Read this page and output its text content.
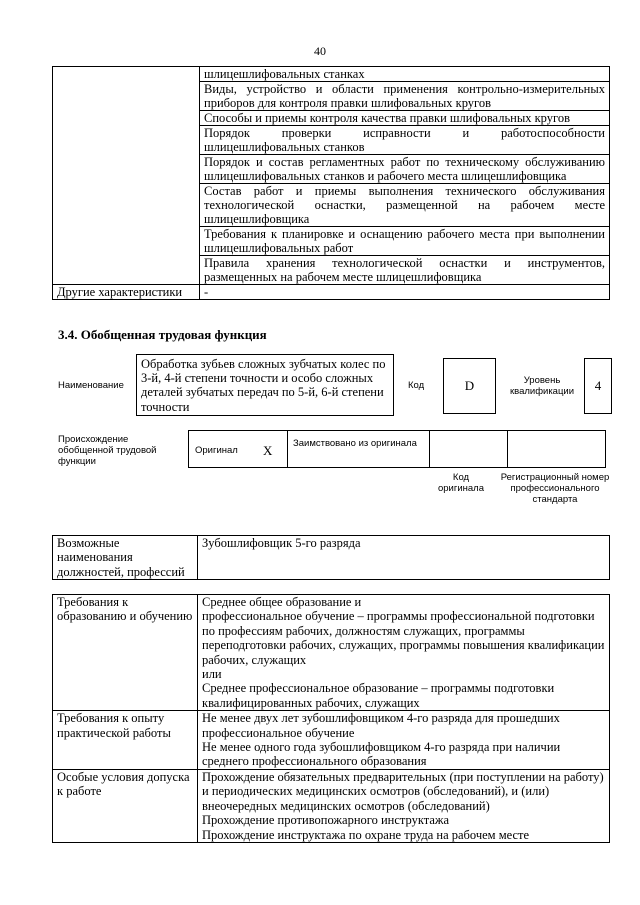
40
	шлицешлифовальных станках
	Виды, устройство и области применения контрольно-измерительных приборов для контроля правки шлифовальных кругов
	Способы и приемы контроля качества правки шлифовальных кругов
	Порядок проверки исправности и работоспособности шлицешлифовальных станков
	Порядок и состав регламентных работ по техническому обслуживанию шлицешлифовальных станков и рабочего места шлицешлифовщика
	Состав работ и приемы выполнения технического обслуживания технологической оснастки, размещенной на рабочем месте шлицешлифовщика
	Требования к планировке и оснащению рабочего места при выполнении шлицешлифовальных работ
	Правила хранения технологической оснастки и инструментов, размещенных на рабочем месте шлицешлифовщика
Другие характеристики	-
3.4. Обобщенная трудовая функция
Наименование
Обработка зубьев сложных зубчатых колес по 3-й, 4-й степени точности и особо сложных деталей зубчатых передач по 5-й, 6-й степени точности
Код	D	Уровень квалификации	4
Происхождение обобщенной трудовой функции
Оригинал X Заимствовано из оригинала
Код оригинала
Регистрационный номер профессионального стандарта
Возможные наименования должностей, профессий	Зубошлифовщик 5-го разряда
Требования к образованию и обучению	Среднее общее образование и
профессиональное обучение – программы профессиональной подготовки по профессиям рабочих, должностям служащих, программы переподготовки рабочих, служащих, программы повышения квалификации рабочих, служащих
или
Среднее профессиональное образование – программы подготовки квалифицированных рабочих, служащих

Требования к опыту практической работы	Не менее двух лет зубошлифовщиком 4-го разряда для прошедших профессиональное обучение
Не менее одного года зубошлифовщиком 4-го разряда при наличии среднего профессионального образования

Особые условия допуска к работе	Прохождение обязательных предварительных (при поступлении на работу) и периодических медицинских осмотров (обследований), и (или) внеочередных медицинских осмотров (обследований)
Прохождение противопожарного инструктажа
Прохождение инструктажа по охране труда на рабочем месте
